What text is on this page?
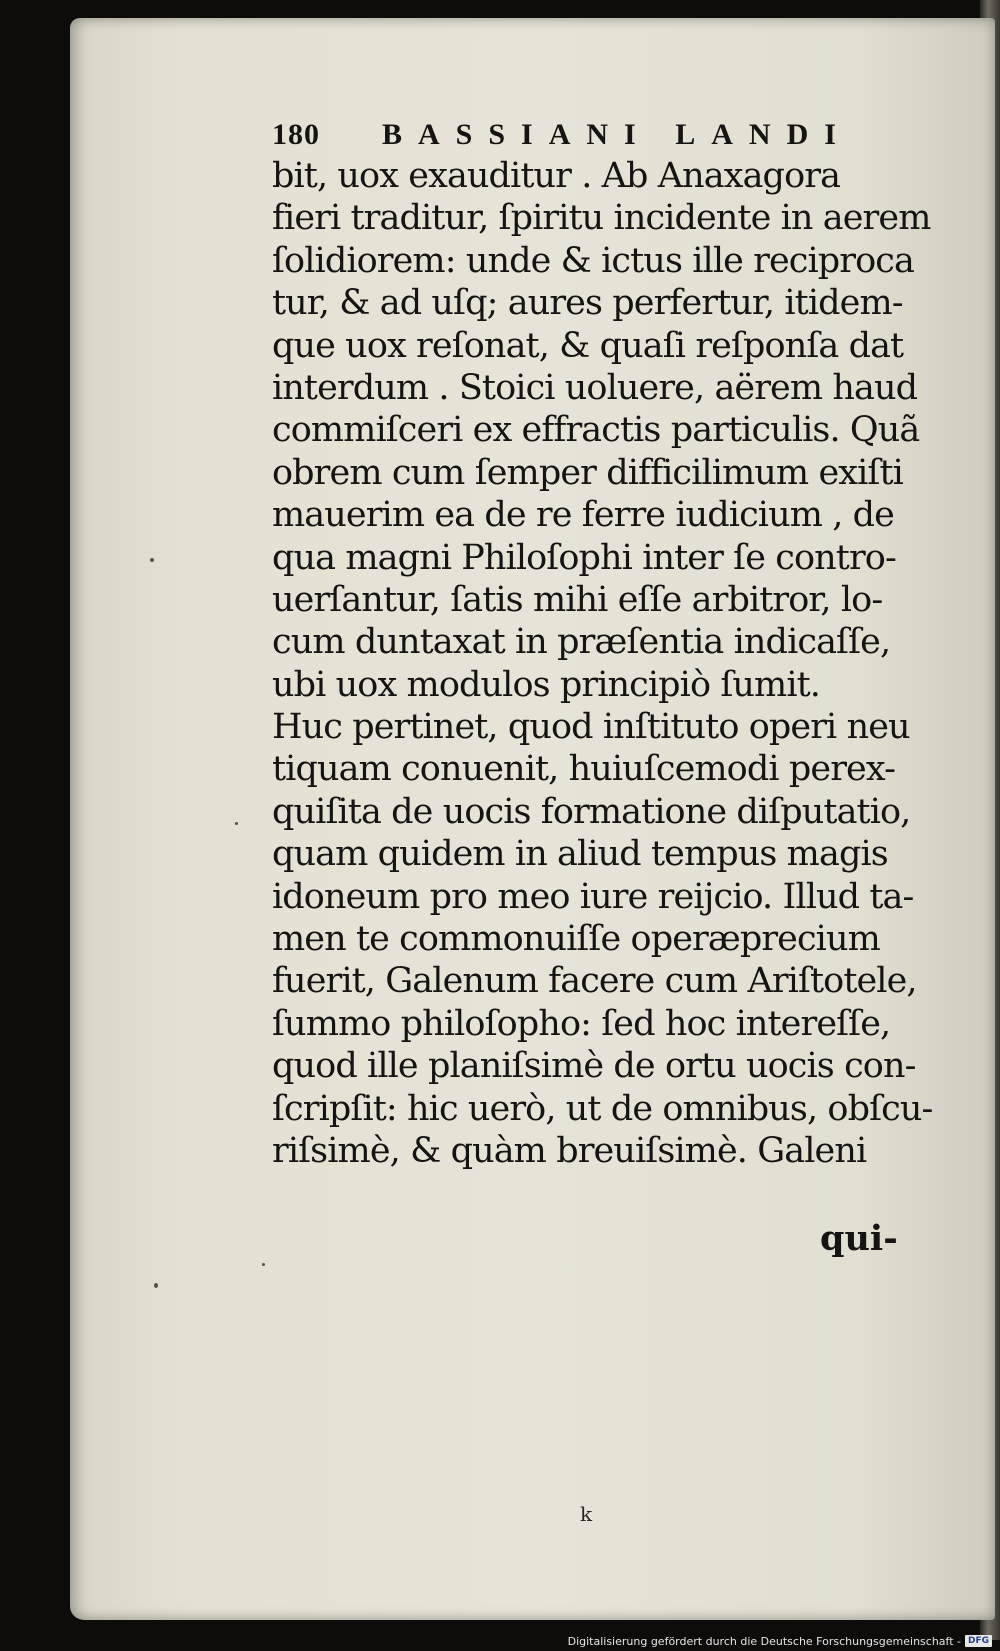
180	BASSIANI LANDI
bit, uox exauditur . Ab Anaxagora
fieri traditur, ſpiritu incidente in aerem
ſolidiorem: unde & ictus ille reciproca
tur, & ad uſq; aures perfertur, itidem-
que uox reſonat, & quaſi reſponſa dat
interdum . Stoici uoluere, aërem haud
commiſceri ex effractis particulis. Quã
obrem cum ſemper difficilimum exiſti
mauerim ea de re ferre iudicium , de
qua magni Philoſophi inter ſe contro-
uerſantur, ſatis mihi eſſe arbitror, lo-
cum duntaxat in præſentia indicaſſe,
ubi uox modulos principiò ſumit.
Huc pertinet, quod inſtituto operi neu
tiquam conuenit, huiuſcemodi perex-
quiſita de uocis formatione diſputatio,
quam quidem in aliud tempus magis
idoneum pro meo iure reijcio. Illud ta-
men te commonuiſſe operæprecium
fuerit, Galenum facere cum Ariſtotele,
ſummo philoſopho: ſed hoc intereſſe,
quod ille planiſsimè de ortu uocis con-
ſcripſit: hic uerò, ut de omnibus, obſcu-
riſsimè, & quàm breuiſsimè. Galeni
qui-
k
Digitalisierung gefördert durch die Deutsche Forschungsgemeinschaft - DFG
